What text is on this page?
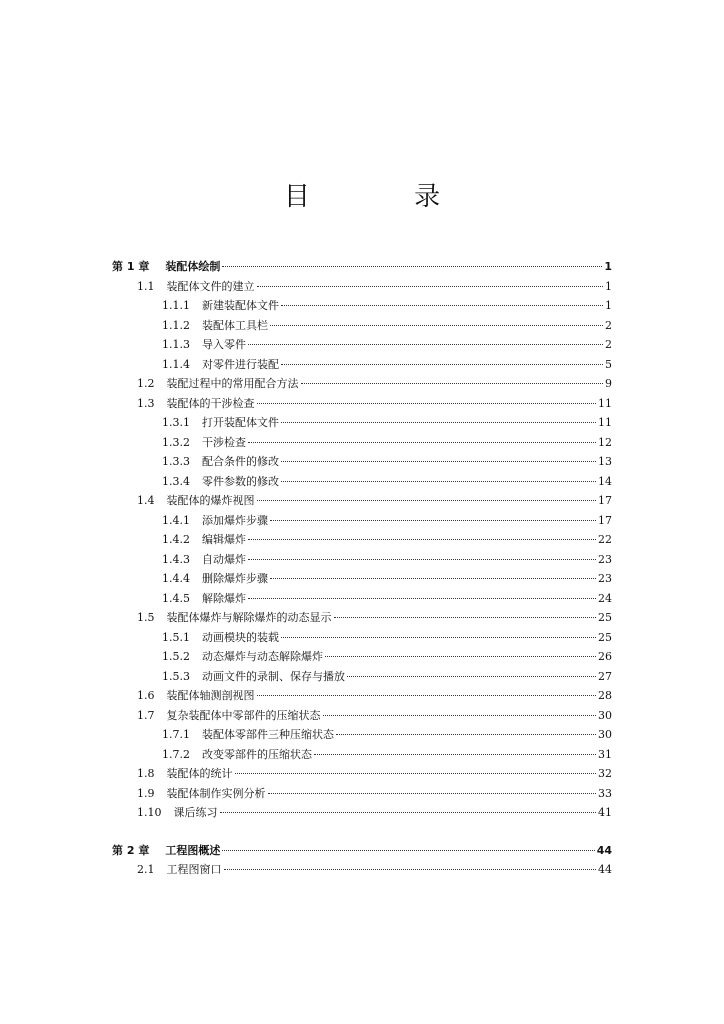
目 录
第 1 章 装配体绘制	1
1.1 装配体文件的建立	1
1.1.1 新建装配体文件	1
1.1.2 装配体工具栏	2
1.1.3 导入零件	2
1.1.4 对零件进行装配	5
1.2 装配过程中的常用配合方法	9
1.3 装配体的干涉检查	11
1.3.1 打开装配体文件	11
1.3.2 干涉检查	12
1.3.3 配合条件的修改	13
1.3.4 零件参数的修改	14
1.4 装配体的爆炸视图	17
1.4.1 添加爆炸步骤	17
1.4.2 编辑爆炸	22
1.4.3 自动爆炸	23
1.4.4 删除爆炸步骤	23
1.4.5 解除爆炸	24
1.5 装配体爆炸与解除爆炸的动态显示	25
1.5.1 动画模块的装载	25
1.5.2 动态爆炸与动态解除爆炸	26
1.5.3 动画文件的录制、保存与播放	27
1.6 装配体轴测剖视图	28
1.7 复杂装配体中零部件的压缩状态	30
1.7.1 装配体零部件三种压缩状态	30
1.7.2 改变零部件的压缩状态	31
1.8 装配体的统计	32
1.9 装配体制作实例分析	33
1.10 课后练习	41
第 2 章 工程图概述	44
2.1 工程图窗口	44
